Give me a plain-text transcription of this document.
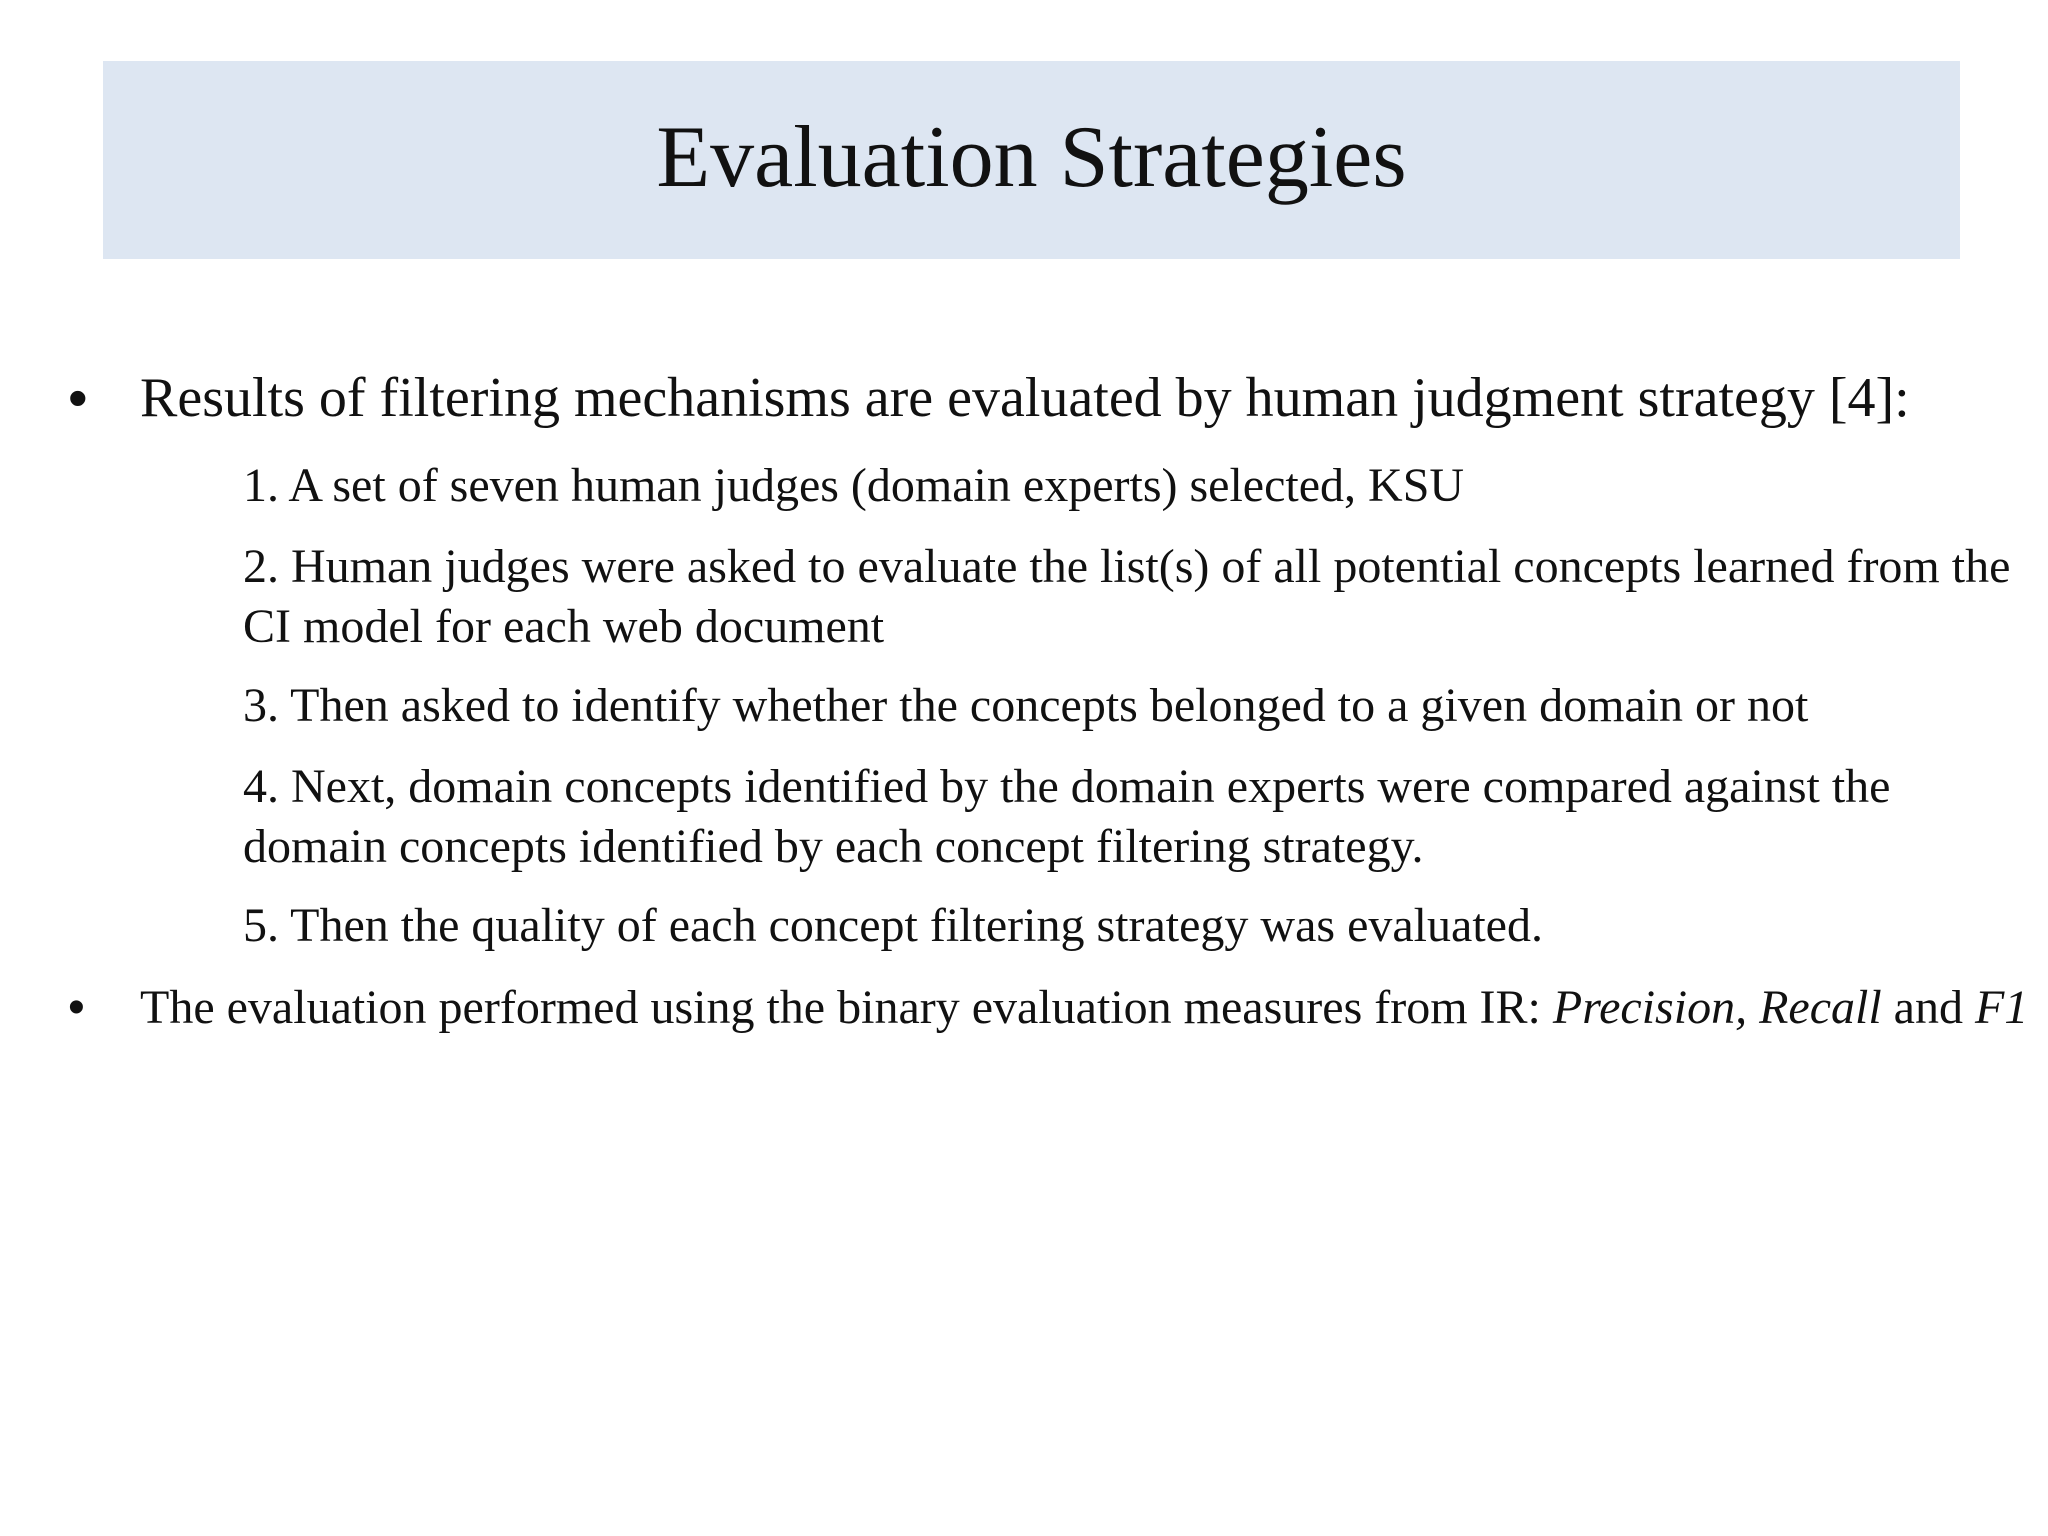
Evaluation Strategies
• Results of filtering mechanisms are evaluated by human judgment strategy [4]:
1. A set of seven human judges (domain experts) selected, KSU
2. Human judges were asked to evaluate the list(s) of all potential concepts learned from the CI model for each web document
3. Then asked to identify whether the concepts belonged to a given domain or not
4. Next, domain concepts identified by the domain experts were compared against the domain concepts identified by each concept filtering strategy.
5. Then the quality of each concept filtering strategy was evaluated.
• The evaluation performed using the binary evaluation measures from IR: Precision, Recall and F1
